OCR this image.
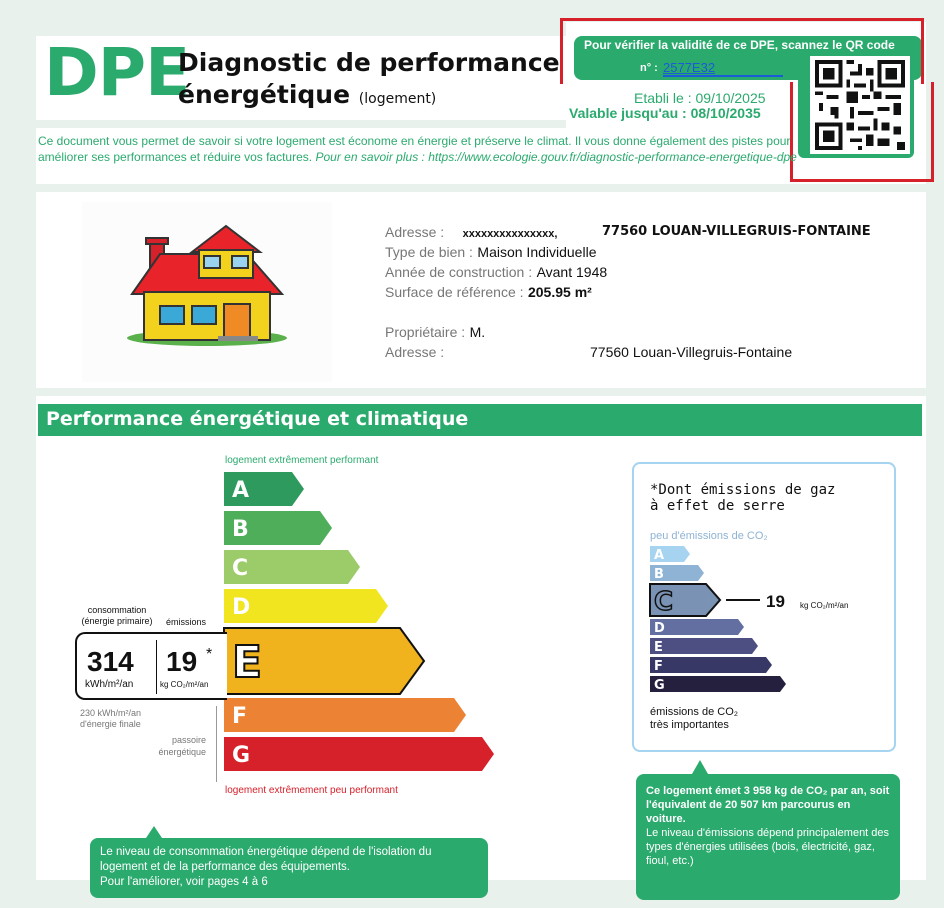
DPE
Diagnostic de performance
énergétique (logement)
Pour vérifier la validité de ce DPE, scannez le QR code
n° : 2577E32
Etabli le : 09/10/2025
Valable jusqu'au : 08/10/2035
Ce document vous permet de savoir si votre logement est économe en énergie et préserve le climat. Il vous donne également des pistes pour améliorer ses performances et réduire vos factures. Pour en savoir plus : https://www.ecologie.gouv.fr/diagnostic-performance-energetique-dpe
Adresse : xxxxxxxxxxxxxxx,	77560 LOUAN-VILLEGRUIS-FONTAINE
Type de bien : Maison Individuelle
Année de construction : Avant 1948
Surface de référence : 205.95 m²
Propriétaire : M.
Adresse :	77560 Louan-Villegruis-Fontaine
Performance énergétique et climatique
logement extrêmement performant
logement extrêmement peu performant
A
B
C
D
E
F
G
consommation
(énergie primaire)	émissions
314
kWh/m²/an
19 *
kg CO₂/m²/an
230 kWh/m²/an
d'énergie finale
passoire
énergétique
*Dont émissions de gaz
à effet de serre
peu d'émissions de CO₂
A
B
C
D
E
F
G
19 kg CO₂/m²/an
émissions de CO₂
très importantes
Le niveau de consommation énergétique dépend de l'isolation du logement et de la performance des équipements.
Pour l'améliorer, voir pages 4 à 6
Ce logement émet 3 958 kg de CO₂ par an, soit l'équivalent de 20 507 km parcourus en voiture.
Le niveau d'émissions dépend principalement des types d'énergies utilisées (bois, électricité, gaz, fioul, etc.)
